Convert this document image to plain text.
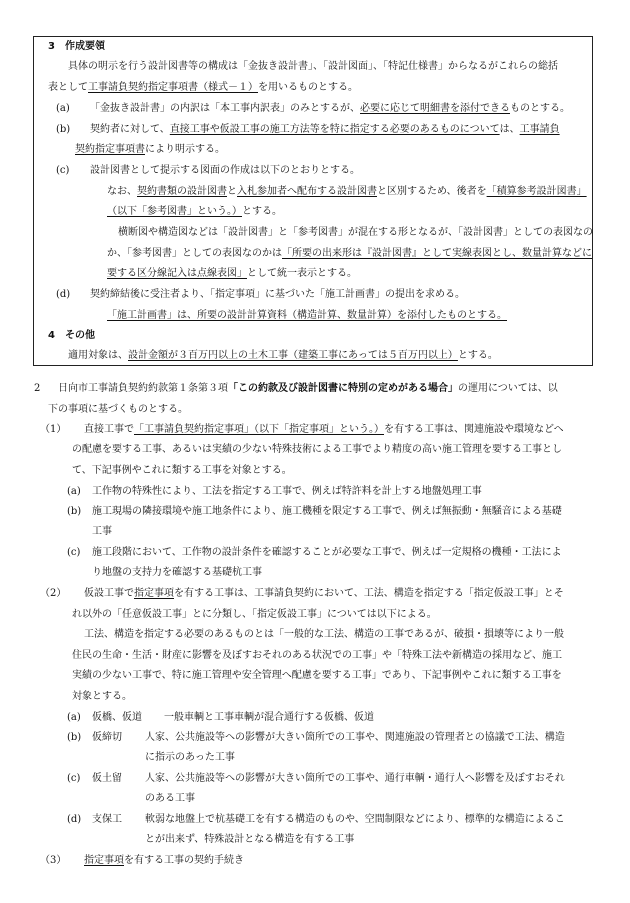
3　作成要領
具体の明示を行う設計図書等の構成は「金抜き設計書」、「設計図面」、「特記仕様書」からなるがこれらの総括
表として工事請負契約指定事項書（様式－１）を用いるものとする。
(a) 「金抜き設計書」の内訳は「本工事内訳表」のみとするが、必要に応じて明細書を添付できるものとする。
(b) 契約者に対して、直接工事や仮設工事の施工方法等を特に指定する必要のあるものについては、工事請負
契約指定事項書により明示する。
(c) 設計図書として提示する図面の作成は以下のとおりとする。
なお、契約書類の設計図書と入札参加者へ配布する設計図書と区別するため、後者を「積算参考設計図書」
（以下「参考図書」という。）とする。
横断図や構造図などは「設計図書」と「参考図書」が混在する形となるが、「設計図書」としての表図なの
か、「参考図書」としての表図なのかは「所要の出来形は『設計図書』として実線表図とし、数量計算などに
要する区分線記入は点線表図」として統一表示とする。
(d) 契約締結後に受注者より、「指定事項」に基づいた「施工計画書」の提出を求める。
「施工計画書」は、所要の設計計算資料（構造計算、数量計算）を添付したものとする。
4　その他
適用対象は、設計金額が３百万円以上の土木工事（建築工事にあっては５百万円以上）とする。
2 日向市工事請負契約約款第１条第３項「この約款及び設計図書に特別の定めがある場合」の運用については、以
下の事項に基づくものとする。
（1） 直接工事で「工事請負契約指定事項」（以下「指定事項」という。）を有する工事は、関連施設や環境などへ
の配慮を要する工事、あるいは実績の少ない特殊技術による工事でより精度の高い施工管理を要する工事とし
て、下記事例やこれに類する工事を対象とする。
(a) 工作物の特殊性により、工法を指定する工事で、例えば特許料を計上する地盤処理工事
(b) 施工現場の隣接環境や施工地条件により、施工機種を限定する工事で、例えば無振動・無騒音による基礎
工事
(c) 施工段階において、工作物の設計条件を確認することが必要な工事で、例えば一定規格の機種・工法によ
り地盤の支持力を確認する基礎杭工事
（2） 仮設工事で指定事項を有する工事は、工事請負契約において、工法、構造を指定する「指定仮設工事」とそ
れ以外の「任意仮設工事」とに分類し、「指定仮設工事」については以下による。
工法、構造を指定する必要のあるものとは「一般的な工法、構造の工事であるが、破損・損壊等により一般
住民の生命・生活・財産に影響を及ぼすおそれのある状況での工事」や「特殊工法や新構造の採用など、施工
実績の少ない工事で、特に施工管理や安全管理へ配慮を要する工事」であり、下記事例やこれに類する工事を
対象とする。
(a) 仮橋、仮道 一般車輌と工事車輌が混合通行する仮橋、仮道
(b) 仮締切 人家、公共施設等への影響が大きい箇所での工事や、関連施設の管理者との協議で工法、構造
に指示のあった工事
(c) 仮土留 人家、公共施設等への影響が大きい箇所での工事や、通行車輌・通行人へ影響を及ぼすおそれ
のある工事
(d) 支保工 軟弱な地盤上で杭基礎工を有する構造のものや、空間制限などにより、標準的な構造によるこ
とが出来ず、特殊設計となる構造を有する工事
（3） 指定事項を有する工事の契約手続き
